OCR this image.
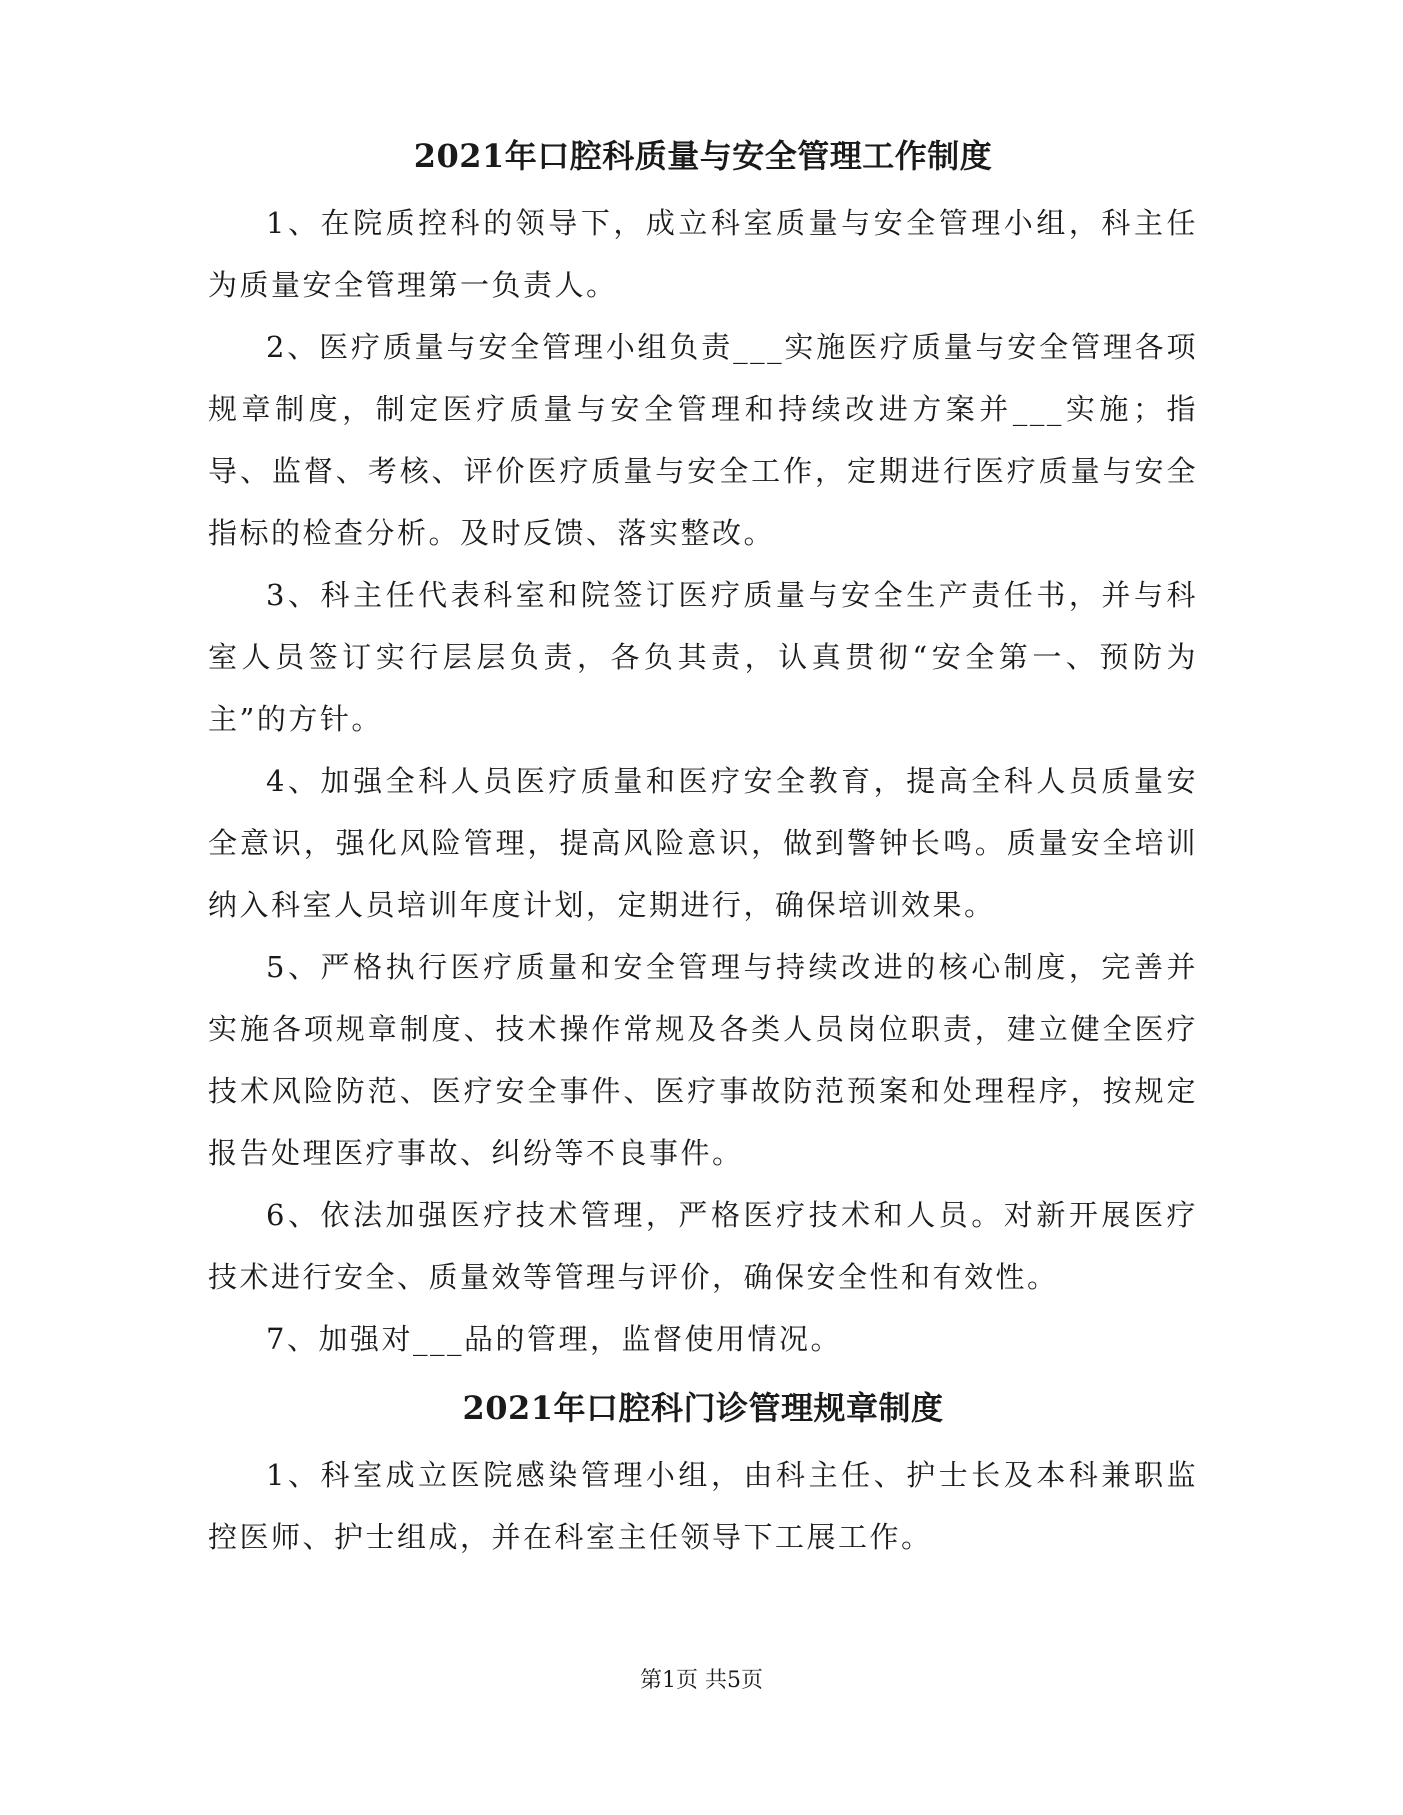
2021年口腔科质量与安全管理工作制度

1、在院质控科的领导下，成立科室质量与安全管理小组，科主任为质量安全管理第一负责人。

2、医疗质量与安全管理小组负责___实施医疗质量与安全管理各项规章制度，制定医疗质量与安全管理和持续改进方案并___实施；指导、监督、考核、评价医疗质量与安全工作，定期进行医疗质量与安全指标的检查分析。及时反馈、落实整改。

3、科主任代表科室和院签订医疗质量与安全生产责任书，并与科室人员签订实行层层负责，各负其责，认真贯彻“安全第一、预防为主”的方针。

4、加强全科人员医疗质量和医疗安全教育，提高全科人员质量安全意识，强化风险管理，提高风险意识，做到警钟长鸣。质量安全培训纳入科室人员培训年度计划，定期进行，确保培训效果。

5、严格执行医疗质量和安全管理与持续改进的核心制度，完善并实施各项规章制度、技术操作常规及各类人员岗位职责，建立健全医疗技术风险防范、医疗安全事件、医疗事故防范预案和处理程序，按规定报告处理医疗事故、纠纷等不良事件。

6、依法加强医疗技术管理，严格医疗技术和人员。对新开展医疗技术进行安全、质量效等管理与评价，确保安全性和有效性。

7、加强对___品的管理，监督使用情况。

2021年口腔科门诊管理规章制度

1、科室成立医院感染管理小组，由科主任、护士长及本科兼职监控医师、护士组成，并在科室主任领导下工展工作。

第1页 共5页
